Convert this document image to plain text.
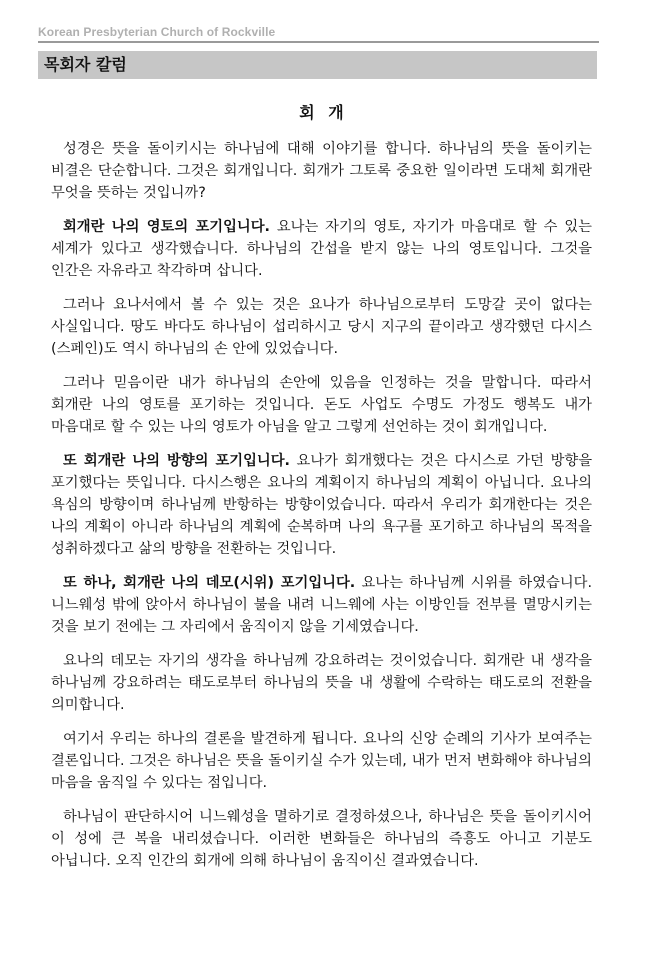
Korean Presbyterian Church of Rockville
목회자 칼럼
회 개

성경은 뜻을 돌이키시는 하나님에 대해 이야기를 합니다. 하나님의 뜻을 돌이키는 비결은 단순합니다. 그것은 회개입니다. 회개가 그토록 중요한 일이라면 도대체 회개란 무엇을 뜻하는 것입니까?

회개란 나의 영토의 포기입니다. 요나는 자기의 영토, 자기가 마음대로 할 수 있는 세계가 있다고 생각했습니다. 하나님의 간섭을 받지 않는 나의 영토입니다. 그것을 인간은 자유라고 착각하며 삽니다.

그러나 요나서에서 볼 수 있는 것은 요나가 하나님으로부터 도망갈 곳이 없다는 사실입니다. 땅도 바다도 하나님이 섭리하시고 당시 지구의 끝이라고 생각했던 다시스(스페인)도 역시 하나님의 손 안에 있었습니다.

그러나 믿음이란 내가 하나님의 손안에 있음을 인정하는 것을 말합니다. 따라서 회개란 나의 영토를 포기하는 것입니다. 돈도 사업도 수명도 가정도 행복도 내가 마음대로 할 수 있는 나의 영토가 아님을 알고 그렇게 선언하는 것이 회개입니다.

또 회개란 나의 방향의 포기입니다. 요나가 회개했다는 것은 다시스로 가던 방향을 포기했다는 뜻입니다. 다시스행은 요나의 계획이지 하나님의 계획이 아닙니다. 요나의 욕심의 방향이며 하나님께 반항하는 방향이었습니다. 따라서 우리가 회개한다는 것은 나의 계획이 아니라 하나님의 계획에 순복하며 나의 욕구를 포기하고 하나님의 목적을 성취하겠다고 삶의 방향을 전환하는 것입니다.

또 하나, 회개란 나의 데모(시위) 포기입니다. 요나는 하나님께 시위를 하였습니다. 니느웨성 밖에 앉아서 하나님이 불을 내려 니느웨에 사는 이방인들 전부를 멸망시키는 것을 보기 전에는 그 자리에서 움직이지 않을 기세였습니다.

요나의 데모는 자기의 생각을 하나님께 강요하려는 것이었습니다. 회개란 내 생각을 하나님께 강요하려는 태도로부터 하나님의 뜻을 내 생활에 수락하는 태도로의 전환을 의미합니다.

여기서 우리는 하나의 결론을 발견하게 됩니다. 요나의 신앙 순례의 기사가 보여주는 결론입니다. 그것은 하나님은 뜻을 돌이키실 수가 있는데, 내가 먼저 변화해야 하나님의 마음을 움직일 수 있다는 점입니다.

하나님이 판단하시어 니느웨성을 멸하기로 결정하셨으나, 하나님은 뜻을 돌이키시어 이 성에 큰 복을 내리셨습니다. 이러한 변화들은 하나님의 즉흥도 아니고 기분도 아닙니다. 오직 인간의 회개에 의해 하나님이 움직이신 결과였습니다.
